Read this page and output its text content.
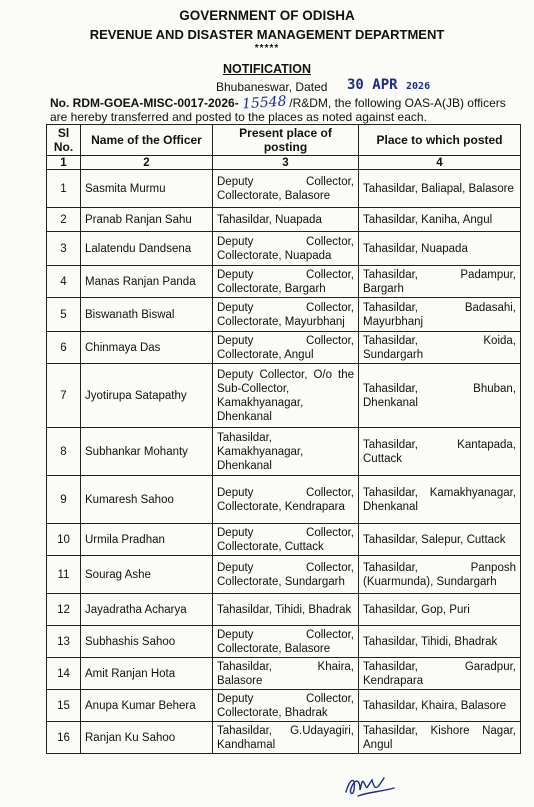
GOVERNMENT OF ODISHA
REVENUE AND DISASTER MANAGEMENT DEPARTMENT
*****
NOTIFICATION
Bhubaneswar, Dated 30 APR 2026
No. RDM-GOEA-MISC-0017-2026- 15548 /R&DM, the following OAS-A(JB) officers
are hereby transferred and posted to the places as noted against each.
Sl No.	Name of the Officer	Present place of posting	Place to which posted
1	2	3	4
1	Sasmita Murmu	Deputy Collector, Collectorate, Balasore	Tahasildar, Baliapal, Balasore
2	Pranab Ranjan Sahu	Tahasildar, Nuapada	Tahasildar, Kaniha, Angul
3	Lalatendu Dandsena	Deputy Collector, Collectorate, Nuapada	Tahasildar, Nuapada
4	Manas Ranjan Panda	Deputy Collector, Collectorate, Bargarh	Tahasildar, Padampur, Bargarh
5	Biswanath Biswal	Deputy Collector, Collectorate, Mayurbhanj	Tahasildar, Badasahi, Mayurbhanj
6	Chinmaya Das	Deputy Collector, Collectorate, Angul	Tahasildar, Koida, Sundargarh
7	Jyotirupa Satapathy	Deputy Collector, O/o the Sub-Collector, Kamakhyanagar, Dhenkanal	Tahasildar, Bhuban, Dhenkanal
8	Subhankar Mohanty	Tahasildar, Kamakhyanagar, Dhenkanal	Tahasildar, Kantapada, Cuttack
9	Kumaresh Sahoo	Deputy Collector, Collectorate, Kendrapara	Tahasildar, Kamakhyanagar, Dhenkanal
10	Urmila Pradhan	Deputy Collector, Collectorate, Cuttack	Tahasildar, Salepur, Cuttack
11	Sourag Ashe	Deputy Collector, Collectorate, Sundargarh	Tahasildar, Panposh (Kuarmunda), Sundargarh
12	Jayadratha Acharya	Tahasildar, Tihidi, Bhadrak	Tahasildar, Gop, Puri
13	Subhashis Sahoo	Deputy Collector, Collectorate, Balasore	Tahasildar, Tihidi, Bhadrak
14	Amit Ranjan Hota	Tahasildar, Khaira, Balasore	Tahasildar, Garadpur, Kendrapara
15	Anupa Kumar Behera	Deputy Collector, Collectorate, Bhadrak	Tahasildar, Khaira, Balasore
16	Ranjan Ku Sahoo	Tahasildar, G.Udayagiri, Kandhamal	Tahasildar, Kishore Nagar, Angul
